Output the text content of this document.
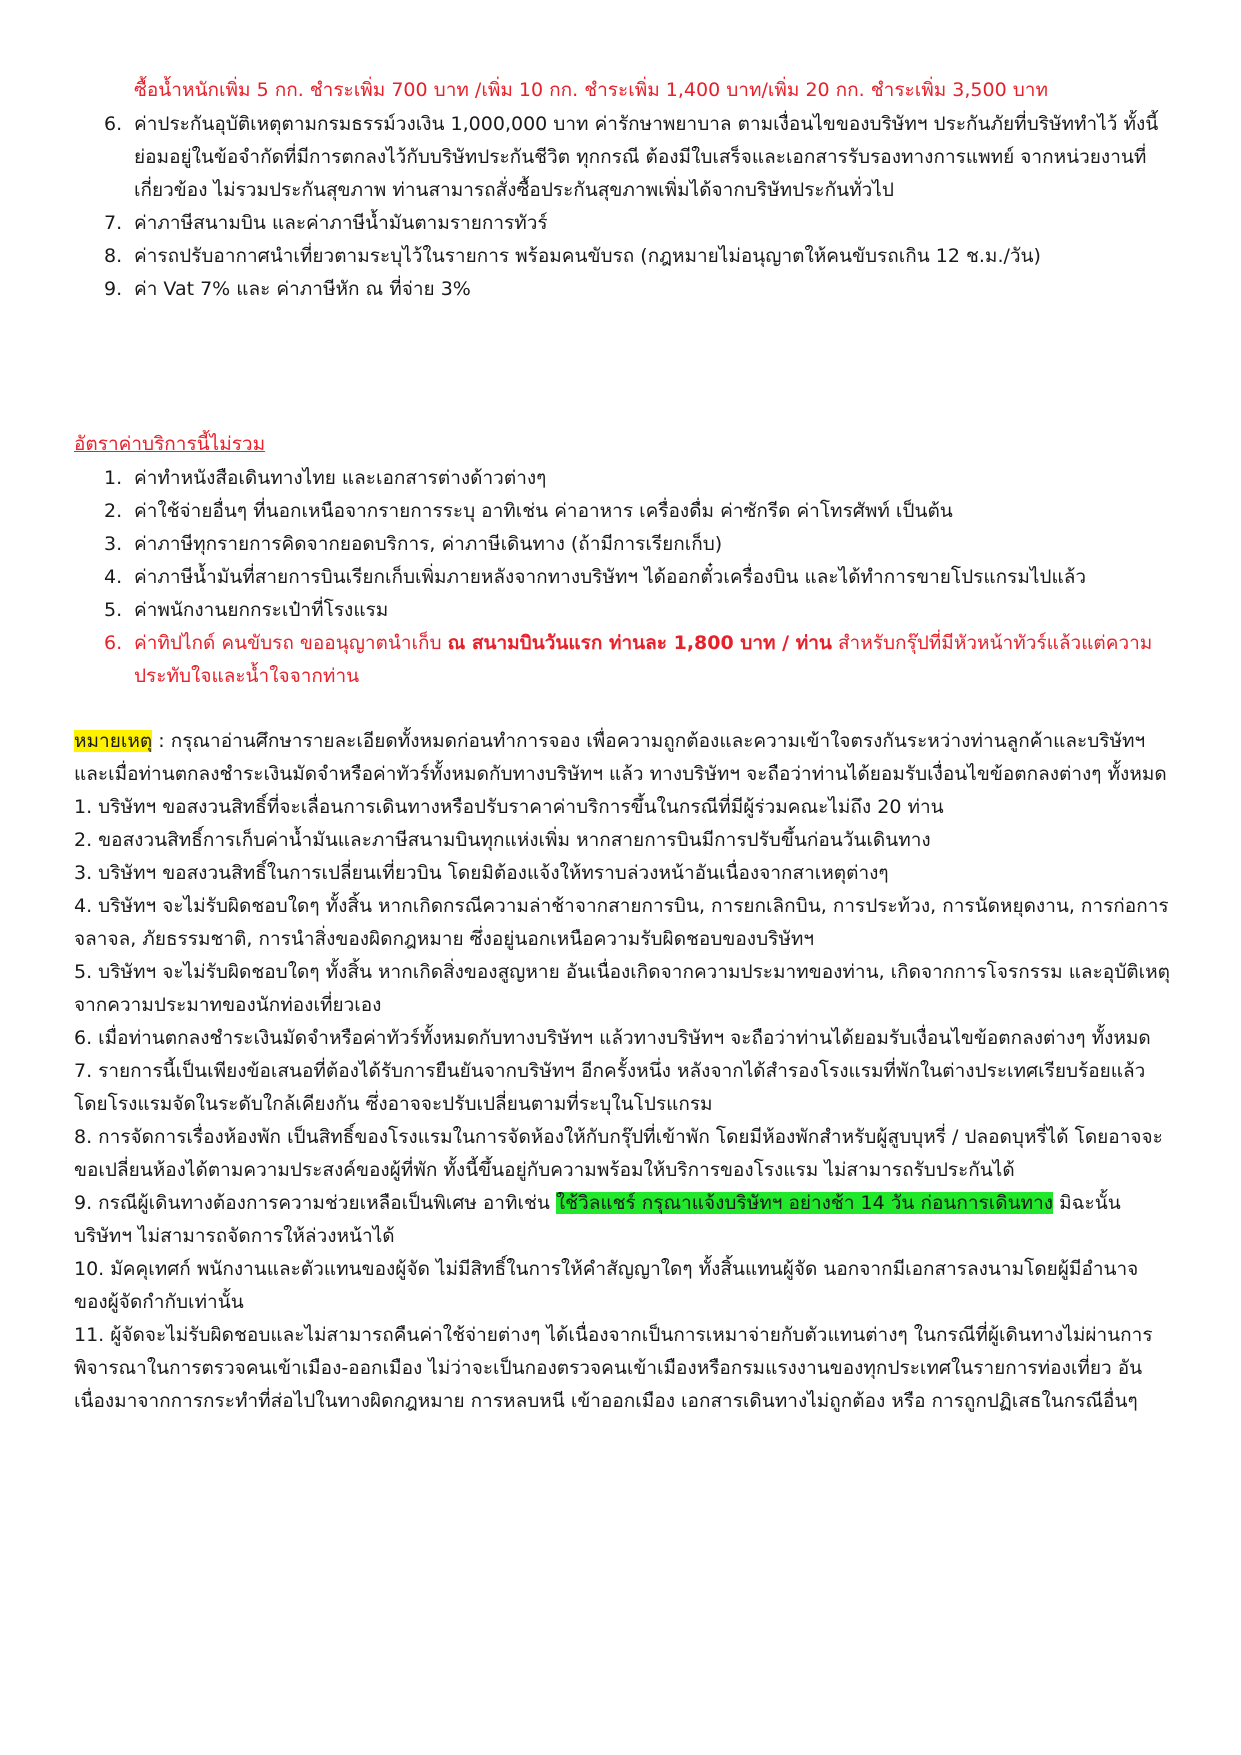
ซื้อน้ำหนักเพิ่ม 5 กก. ชำระเพิ่ม 700 บาท /เพิ่ม 10 กก. ชำระเพิ่ม 1,400 บาท/เพิ่ม 20 กก. ชำระเพิ่ม 3,500 บาท
6. ค่าประกันอุบัติเหตุตามกรมธรรม์วงเงิน 1,000,000 บาท ค่ารักษาพยาบาล ตามเงื่อนไขของบริษัทฯ ประกันภัยที่บริษัททำไว้ ทั้งนี้ย่อมอยู่ในข้อจำกัดที่มีการตกลงไว้กับบริษัทประกันชีวิต ทุกกรณี ต้องมีใบเสร็จและเอกสารรับรองทางการแพทย์ จากหน่วยงานที่เกี่ยวข้อง ไม่รวมประกันสุขภาพ ท่านสามารถสั่งซื้อประกันสุขภาพเพิ่มได้จากบริษัทประกันทั่วไป
7. ค่าภาษีสนามบิน และค่าภาษีน้ำมันตามรายการทัวร์
8. ค่ารถปรับอากาศนำเที่ยวตามระบุไว้ในรายการ พร้อมคนขับรถ (กฎหมายไม่อนุญาตให้คนขับรถเกิน 12 ช.ม./วัน)
9. ค่า Vat 7% และ ค่าภาษีหัก ณ ที่จ่าย 3%
อัตราค่าบริการนี้ไม่รวม
1. ค่าทำหนังสือเดินทางไทย และเอกสารต่างด้าวต่างๆ
2. ค่าใช้จ่ายอื่นๆ ที่นอกเหนือจากรายการระบุ อาทิเช่น ค่าอาหาร เครื่องดื่ม ค่าซักรีด ค่าโทรศัพท์ เป็นต้น
3. ค่าภาษีทุกรายการคิดจากยอดบริการ, ค่าภาษีเดินทาง (ถ้ามีการเรียกเก็บ)
4. ค่าภาษีน้ำมันที่สายการบินเรียกเก็บเพิ่มภายหลังจากทางบริษัทฯ ได้ออกตั๋วเครื่องบิน และได้ทำการขายโปรแกรมไปแล้ว
5. ค่าพนักงานยกกระเป๋าที่โรงแรม
6. ค่าทิปไกด์ คนขับรถ ขออนุญาตนำเก็บ ณ สนามบินวันแรก ท่านละ 1,800 บาท / ท่าน สำหรับกรุ๊ปที่มีหัวหน้าทัวร์แล้วแต่ความประทับใจและน้ำใจจากท่าน

หมายเหตุ : กรุณาอ่านศึกษารายละเอียดทั้งหมดก่อนทำการจอง เพื่อความถูกต้องและความเข้าใจตรงกันระหว่างท่านลูกค้าและบริษัทฯ และเมื่อท่านตกลงชำระเงินมัดจำหรือค่าทัวร์ทั้งหมดกับทางบริษัทฯ แล้ว ทางบริษัทฯ จะถือว่าท่านได้ยอมรับเงื่อนไขข้อตกลงต่างๆ ทั้งหมด

1. บริษัทฯ ขอสงวนสิทธิ์ที่จะเลื่อนการเดินทางหรือปรับราคาค่าบริการขึ้นในกรณีที่มีผู้ร่วมคณะไม่ถึง 20 ท่าน

2. ขอสงวนสิทธิ์การเก็บค่าน้ำมันและภาษีสนามบินทุกแห่งเพิ่ม หากสายการบินมีการปรับขึ้นก่อนวันเดินทาง

3. บริษัทฯ ขอสงวนสิทธิ์ในการเปลี่ยนเที่ยวบิน โดยมิต้องแจ้งให้ทราบล่วงหน้าอันเนื่องจากสาเหตุต่างๆ

4. บริษัทฯ จะไม่รับผิดชอบใดๆ ทั้งสิ้น หากเกิดกรณีความล่าช้าจากสายการบิน, การยกเลิกบิน, การประท้วง, การนัดหยุดงาน, การก่อการจลาจล, ภัยธรรมชาติ, การนำสิ่งของผิดกฎหมาย ซึ่งอยู่นอกเหนือความรับผิดชอบของบริษัทฯ

5. บริษัทฯ จะไม่รับผิดชอบใดๆ ทั้งสิ้น หากเกิดสิ่งของสูญหาย อันเนื่องเกิดจากความประมาทของท่าน, เกิดจากการโจรกรรม และอุบัติเหตุจากความประมาทของนักท่องเที่ยวเอง

6. เมื่อท่านตกลงชำระเงินมัดจำหรือค่าทัวร์ทั้งหมดกับทางบริษัทฯ แล้วทางบริษัทฯ จะถือว่าท่านได้ยอมรับเงื่อนไขข้อตกลงต่างๆ ทั้งหมด

7. รายการนี้เป็นเพียงข้อเสนอที่ต้องได้รับการยืนยันจากบริษัทฯ อีกครั้งหนึ่ง หลังจากได้สำรองโรงแรมที่พักในต่างประเทศเรียบร้อยแล้ว โดยโรงแรมจัดในระดับใกล้เคียงกัน ซึ่งอาจจะปรับเปลี่ยนตามที่ระบุในโปรแกรม

8. การจัดการเรื่องห้องพัก เป็นสิทธิ์ของโรงแรมในการจัดห้องให้กับกรุ๊ปที่เข้าพัก โดยมีห้องพักสำหรับผู้สูบบุหรี่ / ปลอดบุหรี่ได้ โดยอาจจะขอเปลี่ยนห้องได้ตามความประสงค์ของผู้ที่พัก ทั้งนี้ขึ้นอยู่กับความพร้อมให้บริการของโรงแรม ไม่สามารถรับประกันได้

9. กรณีผู้เดินทางต้องการความช่วยเหลือเป็นพิเศษ อาทิเช่น ใช้วิลแชร์ กรุณาแจ้งบริษัทฯ อย่างช้า 14 วัน ก่อนการเดินทาง มิฉะนั้นบริษัทฯ ไม่สามารถจัดการให้ล่วงหน้าได้

10. มัคคุเทศก์ พนักงานและตัวแทนของผู้จัด ไม่มีสิทธิ์ในการให้คำสัญญาใดๆ ทั้งสิ้นแทนผู้จัด นอกจากมีเอกสารลงนามโดยผู้มีอำนาจของผู้จัดกำกับเท่านั้น

11. ผู้จัดจะไม่รับผิดชอบและไม่สามารถคืนค่าใช้จ่ายต่างๆ ได้เนื่องจากเป็นการเหมาจ่ายกับตัวแทนต่างๆ ในกรณีที่ผู้เดินทางไม่ผ่านการพิจารณาในการตรวจคนเข้าเมือง-ออกเมือง ไม่ว่าจะเป็นกองตรวจคนเข้าเมืองหรือกรมแรงงานของทุกประเทศในรายการท่องเที่ยว อันเนื่องมาจากการกระทำที่ส่อไปในทางผิดกฎหมาย การหลบหนี เข้าออกเมือง เอกสารเดินทางไม่ถูกต้อง หรือ การถูกปฏิเสธในกรณีอื่นๆ
